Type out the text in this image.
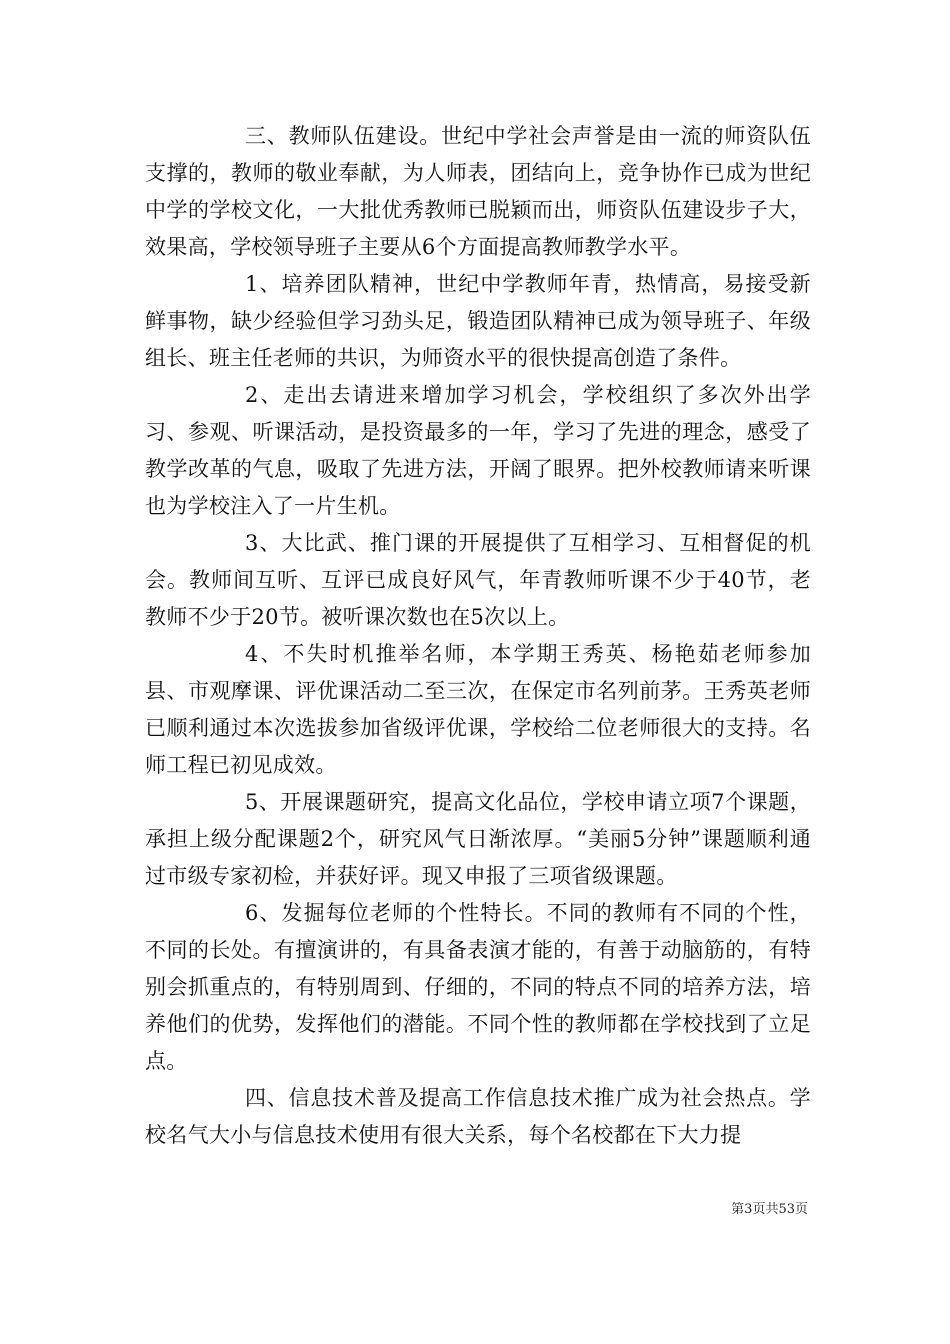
三、教师队伍建设。世纪中学社会声誉是由一流的师资队伍支撑的，教师的敬业奉献，为人师表，团结向上，竞争协作已成为世纪中学的学校文化，一大批优秀教师已脱颖而出，师资队伍建设步子大，效果高，学校领导班子主要从6个方面提高教师教学水平。

1、培养团队精神，世纪中学教师年青，热情高，易接受新鲜事物，缺少经验但学习劲头足，锻造团队精神已成为领导班子、年级组长、班主任老师的共识，为师资水平的很快提高创造了条件。

2、走出去请进来增加学习机会，学校组织了多次外出学习、参观、听课活动，是投资最多的一年，学习了先进的理念，感受了教学改革的气息，吸取了先进方法，开阔了眼界。把外校教师请来听课也为学校注入了一片生机。

3、大比武、推门课的开展提供了互相学习、互相督促的机会。教师间互听、互评已成良好风气，年青教师听课不少于40节，老教师不少于20节。被听课次数也在5次以上。

4、不失时机推举名师，本学期王秀英、杨艳茹老师参加县、市观摩课、评优课活动二至三次，在保定市名列前茅。王秀英老师已顺利通过本次选拔参加省级评优课，学校给二位老师很大的支持。名师工程已初见成效。

5、开展课题研究，提高文化品位，学校申请立项7个课题，承担上级分配课题2个，研究风气日渐浓厚。“美丽5分钟”课题顺利通过市级专家初检，并获好评。现又申报了三项省级课题。

6、发掘每位老师的个性特长。不同的教师有不同的个性，不同的长处。有擅演讲的，有具备表演才能的，有善于动脑筋的，有特别会抓重点的，有特别周到、仔细的，不同的特点不同的培养方法，培养他们的优势，发挥他们的潜能。不同个性的教师都在学校找到了立足点。

四、信息技术普及提高工作信息技术推广成为社会热点。学校名气大小与信息技术使用有很大关系，每个名校都在下大力提

第3页共53页
